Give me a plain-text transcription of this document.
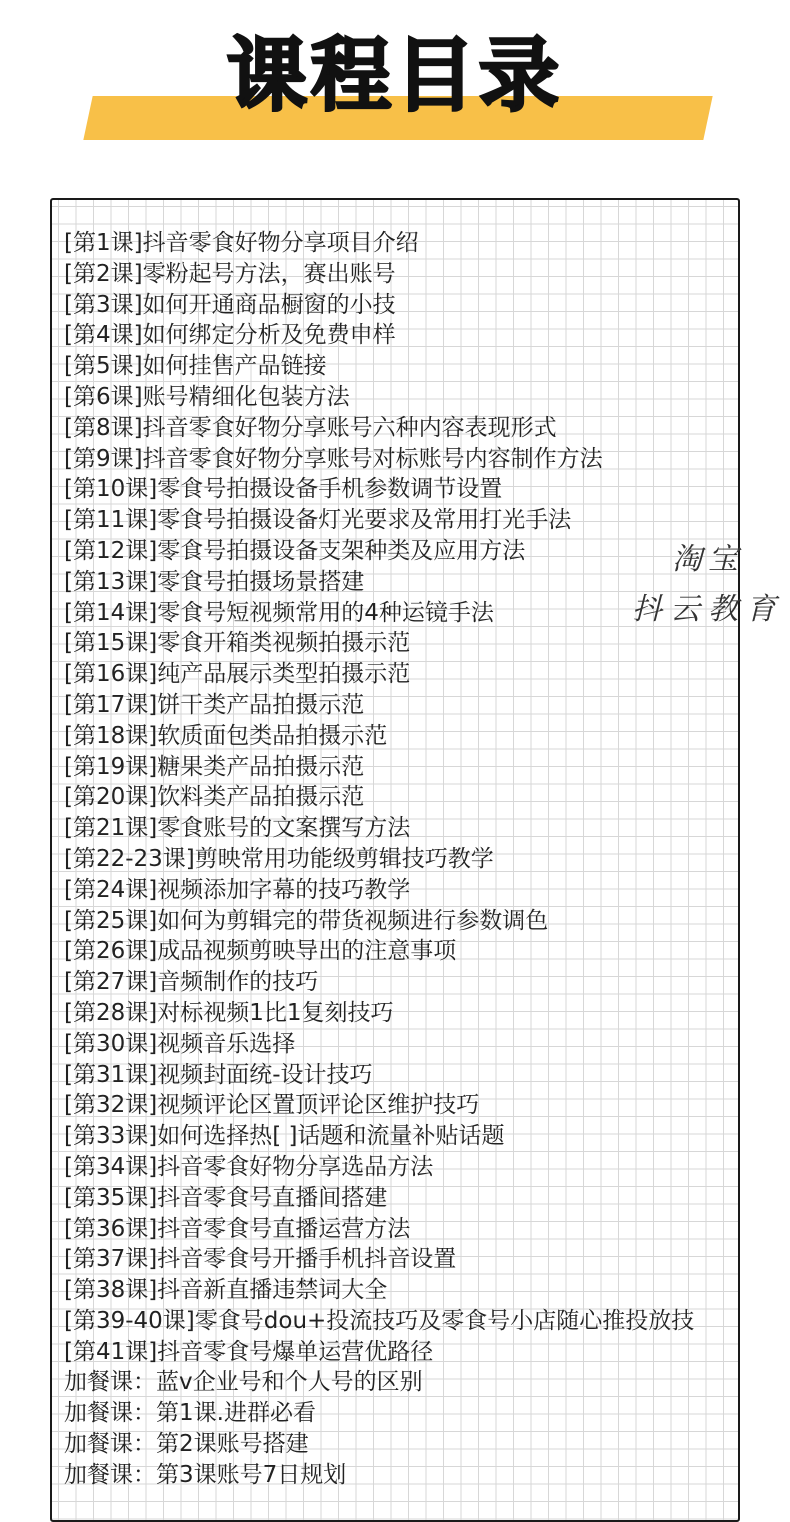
课程目录
[第1课]抖音零食好物分享项目介绍
[第2课]零粉起号方法，赛出账号
[第3课]如何开通商品橱窗的小技
[第4课]如何绑定分析及免费申样
[第5课]如何挂售产品链接
[第6课]账号精细化包装方法
[第8课]抖音零食好物分享账号六种内容表现形式
[第9课]抖音零食好物分享账号对标账号内容制作方法
[第10课]零食号拍摄设备手机参数调节设置
[第11课]零食号拍摄设备灯光要求及常用打光手法
[第12课]零食号拍摄设备支架种类及应用方法
[第13课]零食号拍摄场景搭建
[第14课]零食号短视频常用的4种运镜手法
[第15课]零食开箱类视频拍摄示范
[第16课]纯产品展示类型拍摄示范
[第17课]饼干类产品拍摄示范
[第18课]软质面包类品拍摄示范
[第19课]糖果类产品拍摄示范
[第20课]饮料类产品拍摄示范
[第21课]零食账号的文案撰写方法
[第22-23课]剪映常用功能级剪辑技巧教学
[第24课]视频添加字幕的技巧教学
[第25课]如何为剪辑完的带货视频进行参数调色
[第26课]成品视频剪映导出的注意事项
[第27课]音频制作的技巧
[第28课]对标视频1比1复刻技巧
[第30课]视频音乐选择
[第31课]视频封面统-设计技巧
[第32课]视频评论区置顶评论区维护技巧
[第33课]如何选择热[ ]话题和流量补贴话题
[第34课]抖音零食好物分享选品方法
[第35课]抖音零食号直播间搭建
[第36课]抖音零食号直播运营方法
[第37课]抖音零食号开播手机抖音设置
[第38课]抖音新直播违禁词大全
[第39-40课]零食号dou+投流技巧及零食号小店随心推投放技
[第41课]抖音零食号爆单运营优路径
加餐课：蓝v企业号和个人号的区别
加餐课：第1课.进群必看
加餐课：第2课账号搭建
加餐课：第3课账号7日规划
淘宝
抖云教育
